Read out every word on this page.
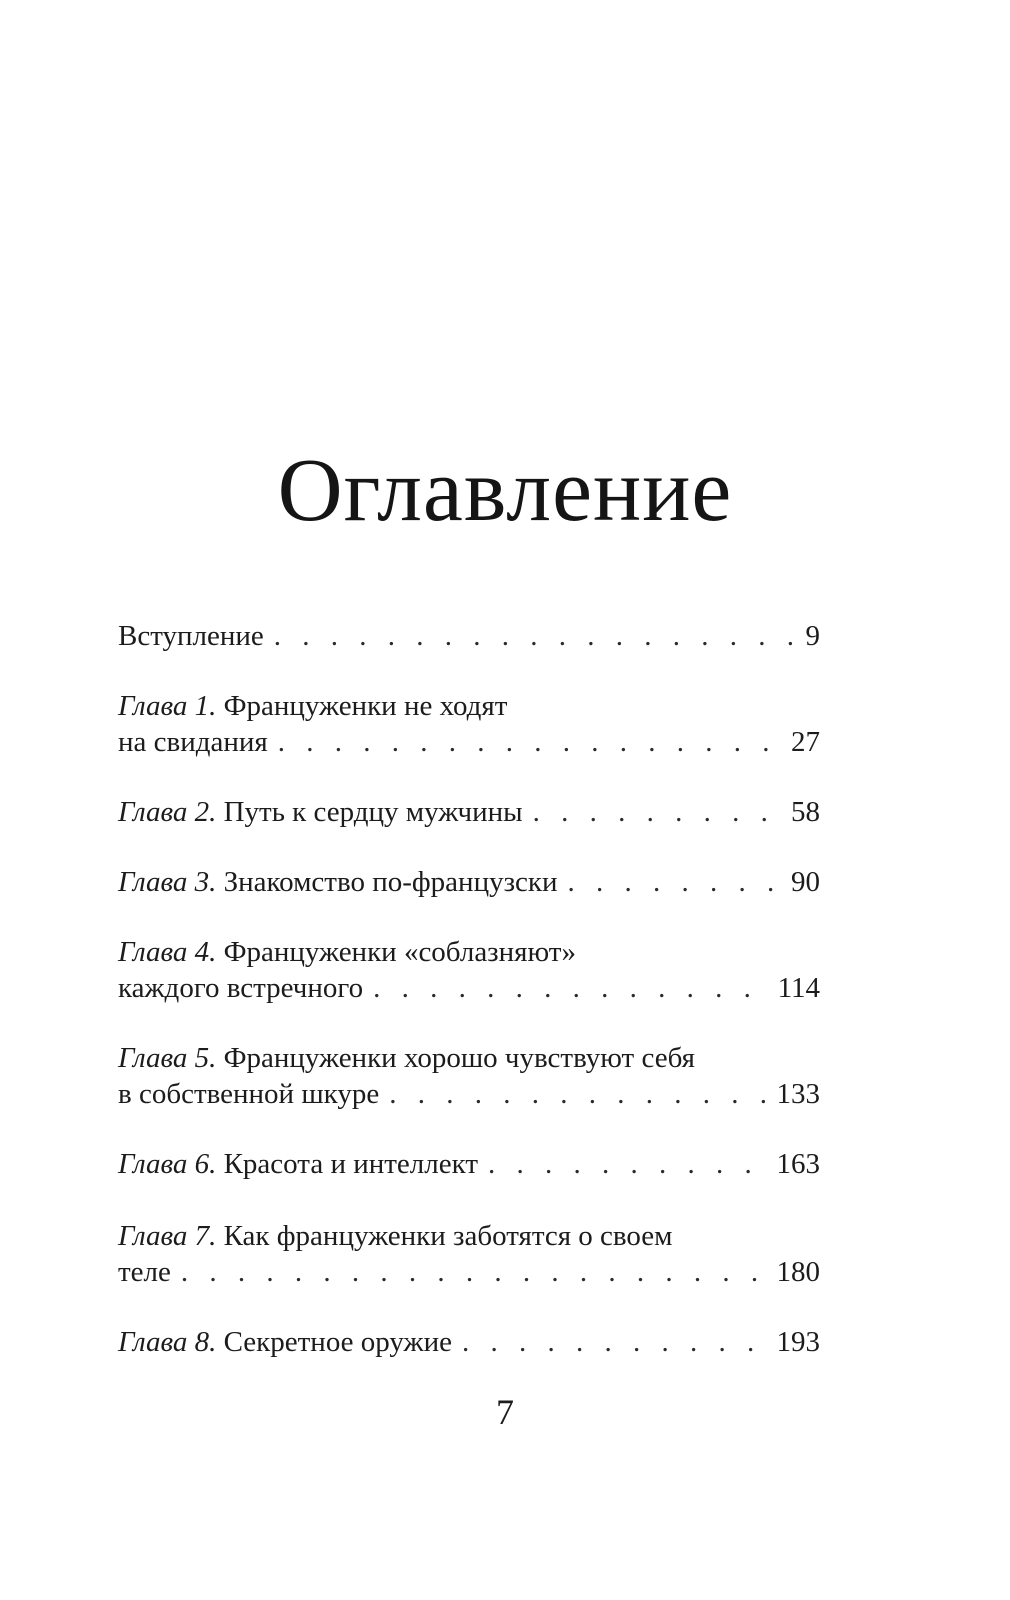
Оглавление
Вступление . . .	9
Глава 1. Француженки не ходят
на свидания . . .	27
Глава 2. Путь к сердцу мужчины . . .	58
Глава 3. Знакомство по-французски . . .	90
Глава 4. Француженки «соблазняют»
каждого встречного . . .	114
Глава 5. Француженки хорошо чувствуют себя
в собственной шкуре . . .	133
Глава 6. Красота и интеллект . . .	163
Глава 7. Как француженки заботятся о своем
теле . . .	180
Глава 8. Секретное оружие . . .	193
7
